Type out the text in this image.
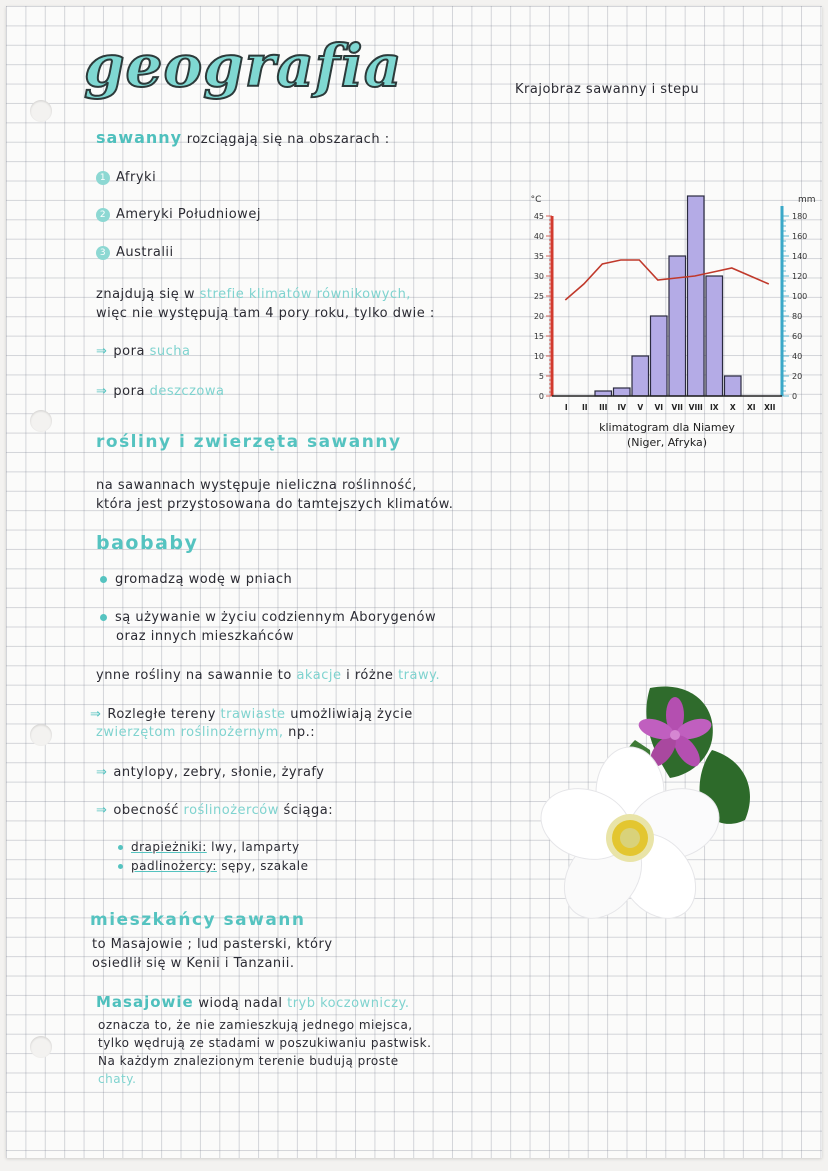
geografia	Krajobraz sawanny i stepu
sawanny rozciągają się na obszarach :
1 Afryki
2 Ameryki Południowej
3 Australii
znajdują się w strefie klimatów równikowych,
więc nie występują tam 4 pory roku, tylko dwie :
⇒ pora sucha
⇒ pora deszczowa
rośliny i zwierzęta sawanny
na sawannach występuje nieliczna roślinność,
która jest przystosowana do tamtejszych klimatów.
baobaby
gromadzą wodę w pniach
są używanie w życiu codziennym Aborygenów
oraz innych mieszkańców
ynne rośliny na sawannie to akacje i różne trawy.
⇒ Rozległe tereny trawiaste umożliwiają życie
zwierzętom roślinożernym, np.:
⇒ antylopy, zebry, słonie, żyrafy
⇒ obecność roślinożerców ściąga:
drapieżniki: lwy, lamparty
padlinożercy: sępy, szakale
mieszkańcy sawann
to Masajowie ; lud pasterski, który
osiedlił się w Kenii i Tanzanii.
Masajowie wiodą nadal tryb koczowniczy.
oznacza to, że nie zamieszkują jednego miejsca,
tylko wędrują ze stadami w poszukiwaniu pastwisk.
Na każdym znalezionym terenie budują proste
chaty.
5
10
15
20
25
30
35
40
45
0
°C
20
40
60
80
100
120
140
160
180
0
mm
I II III IV V VI VII VIII IX X XI XII
klimatogram dla Niamey
(Niger, Afryka)
